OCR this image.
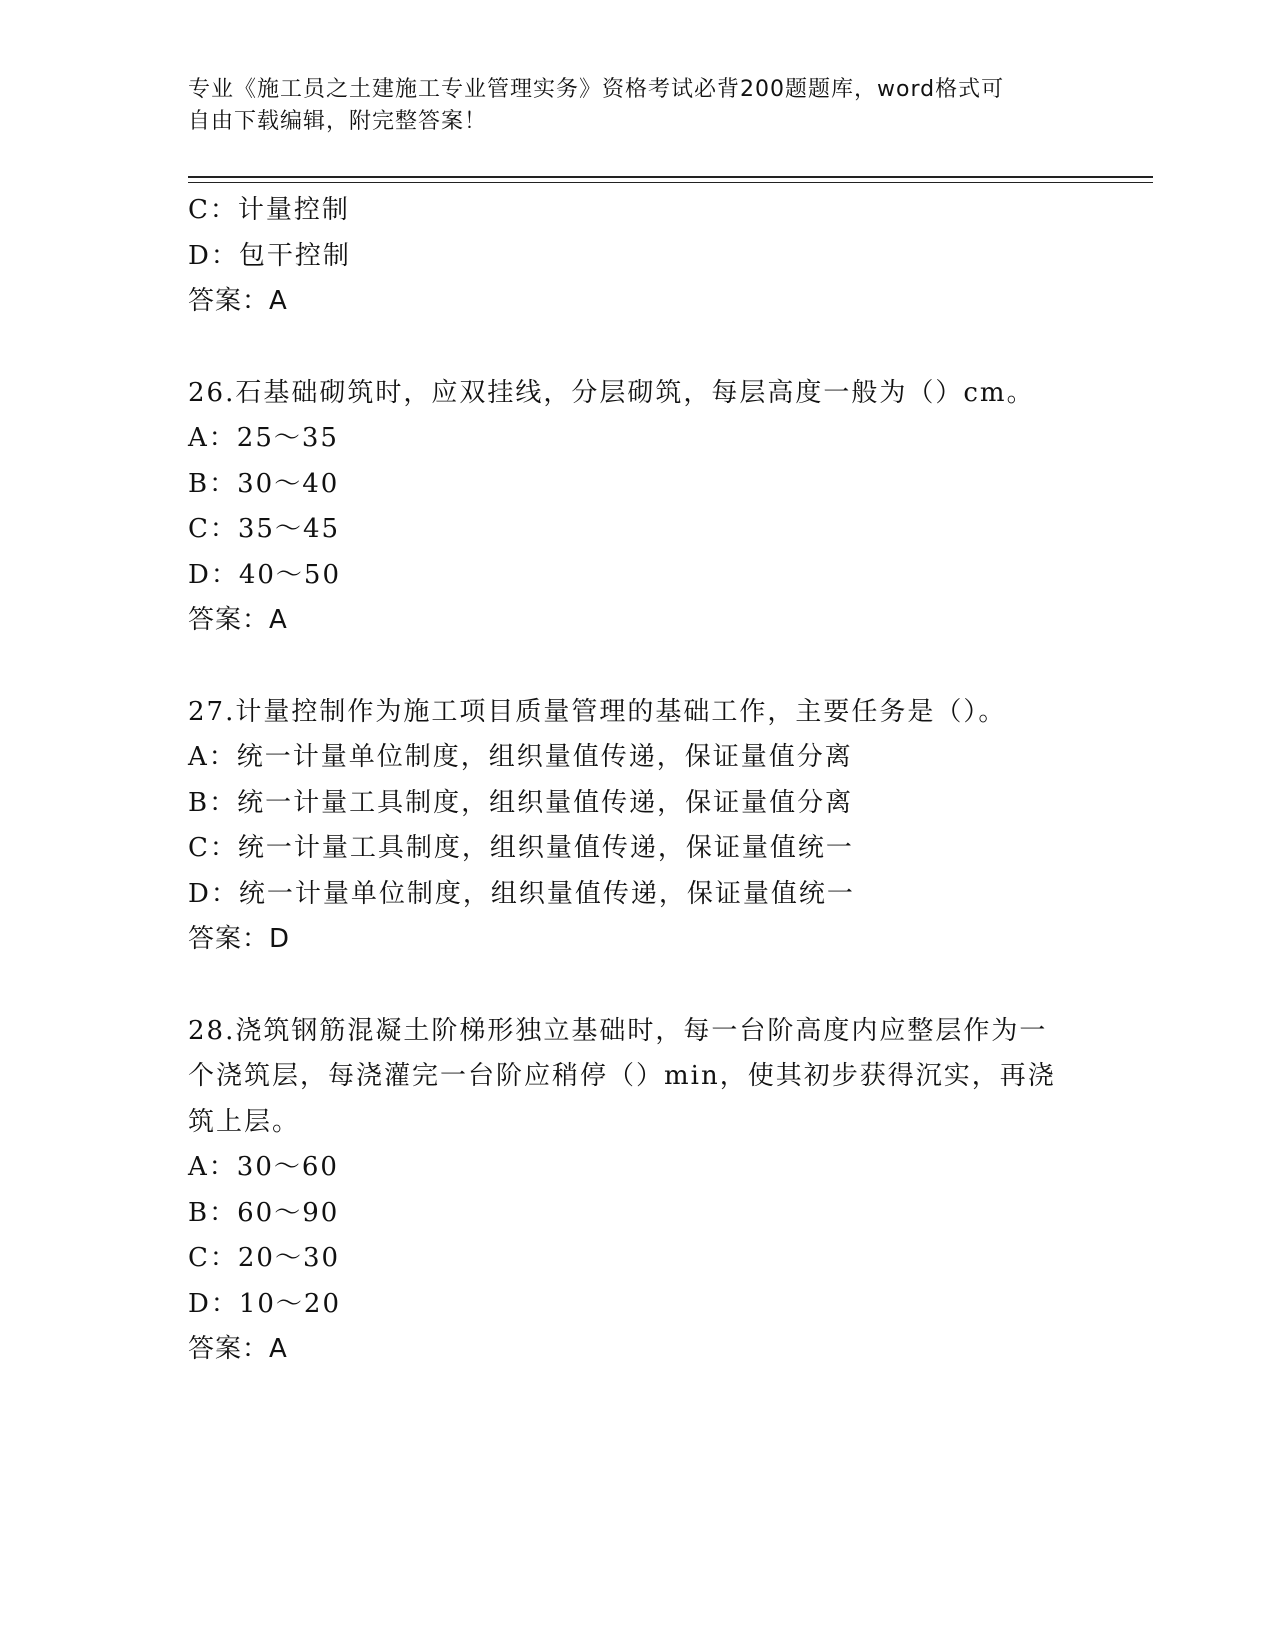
专业《施工员之土建施工专业管理实务》资格考试必背200题题库，word格式可
自由下载编辑，附完整答案！
C：计量控制
D：包干控制
答案：A
26.石基础砌筑时，应双挂线，分层砌筑，每层高度一般为（）cm。
A：25～35
B：30～40
C：35～45
D：40～50
答案：A
27.计量控制作为施工项目质量管理的基础工作，主要任务是（）。
A：统一计量单位制度，组织量值传递，保证量值分离
B：统一计量工具制度，组织量值传递，保证量值分离
C：统一计量工具制度，组织量值传递，保证量值统一
D：统一计量单位制度，组织量值传递，保证量值统一
答案：D
28.浇筑钢筋混凝土阶梯形独立基础时，每一台阶高度内应整层作为一
个浇筑层，每浇灌完一台阶应稍停（）min，使其初步获得沉实，再浇
筑上层。
A：30～60
B：60～90
C：20～30
D：10～20
答案：A
